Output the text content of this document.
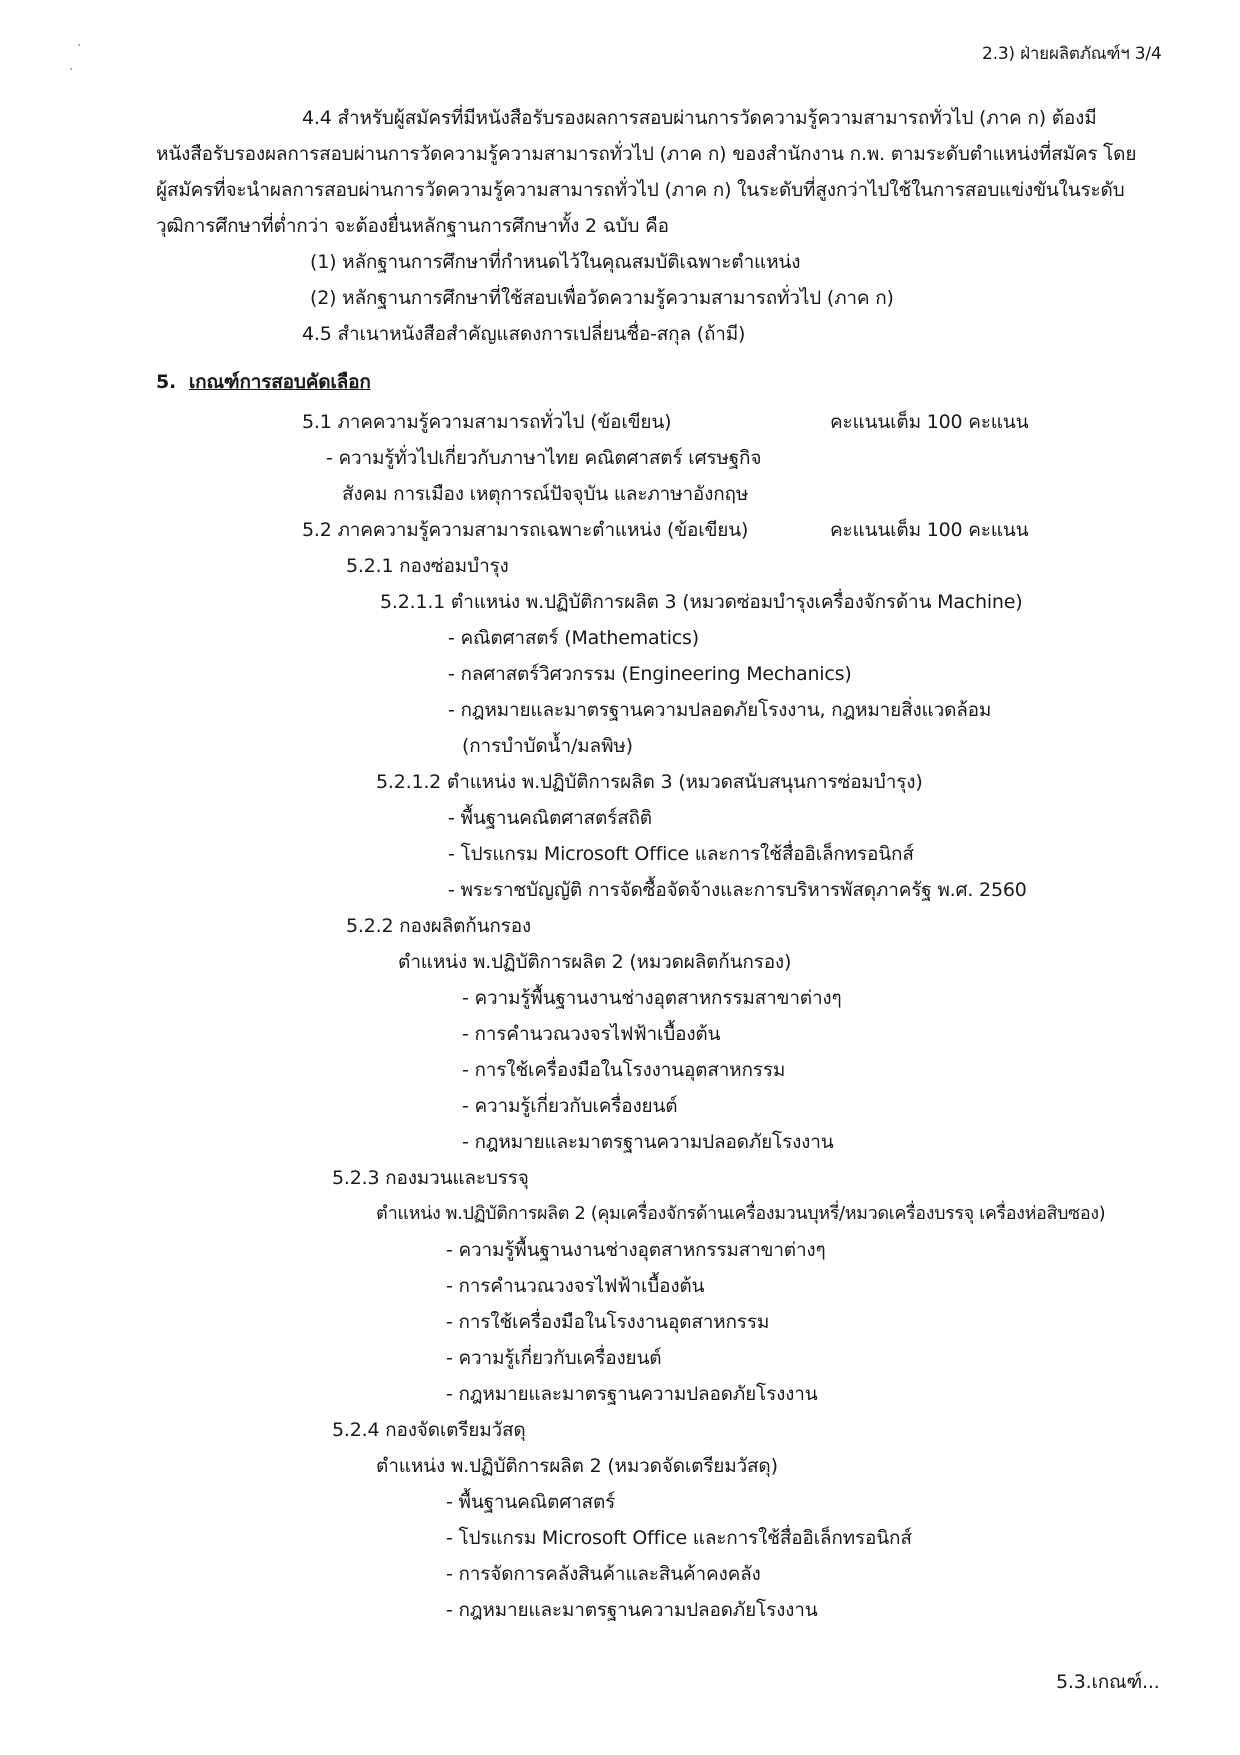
2.3) ฝ่ายผลิตภัณฑ์ฯ 3/4
4.4 สำหรับผู้สมัครที่มีหนังสือรับรองผลการสอบผ่านการวัดความรู้ความสามารถทั่วไป (ภาค ก) ต้องมี
หนังสือรับรองผลการสอบผ่านการวัดความรู้ความสามารถทั่วไป (ภาค ก) ของสำนักงาน ก.พ. ตามระดับตำแหน่งที่สมัคร โดย
ผู้สมัครที่จะนำผลการสอบผ่านการวัดความรู้ความสามารถทั่วไป (ภาค ก) ในระดับที่สูงกว่าไปใช้ในการสอบแข่งขันในระดับ
วุฒิการศึกษาที่ต่ำกว่า จะต้องยื่นหลักฐานการศึกษาทั้ง 2 ฉบับ คือ
(1) หลักฐานการศึกษาที่กำหนดไว้ในคุณสมบัติเฉพาะตำแหน่ง
(2) หลักฐานการศึกษาที่ใช้สอบเพื่อวัดความรู้ความสามารถทั่วไป (ภาค ก)
4.5 สำเนาหนังสือสำคัญแสดงการเปลี่ยนชื่อ-สกุล (ถ้ามี)
5. เกณฑ์การสอบคัดเลือก
5.1 ภาคความรู้ความสามารถทั่วไป (ข้อเขียน)	คะแนนเต็ม 100 คะแนน
- ความรู้ทั่วไปเกี่ยวกับภาษาไทย คณิตศาสตร์ เศรษฐกิจ
สังคม การเมือง เหตุการณ์ปัจจุบัน และภาษาอังกฤษ
5.2 ภาคความรู้ความสามารถเฉพาะตำแหน่ง (ข้อเขียน)	คะแนนเต็ม 100 คะแนน
5.2.1 กองซ่อมบำรุง
5.2.1.1 ตำแหน่ง พ.ปฏิบัติการผลิต 3 (หมวดซ่อมบำรุงเครื่องจักรด้าน Machine)
- คณิตศาสตร์ (Mathematics)
- กลศาสตร์วิศวกรรม (Engineering Mechanics)
- กฎหมายและมาตรฐานความปลอดภัยโรงงาน, กฎหมายสิ่งแวดล้อม
(การบำบัดน้ำ/มลพิษ)
5.2.1.2 ตำแหน่ง พ.ปฏิบัติการผลิต 3 (หมวดสนับสนุนการซ่อมบำรุง)
- พื้นฐานคณิตศาสตร์สถิติ
- โปรแกรม Microsoft Office และการใช้สื่ออิเล็กทรอนิกส์
- พระราชบัญญัติ การจัดซื้อจัดจ้างและการบริหารพัสดุภาครัฐ พ.ศ. 2560
5.2.2 กองผลิตก้นกรอง
ตำแหน่ง พ.ปฏิบัติการผลิต 2 (หมวดผลิตก้นกรอง)
- ความรู้พื้นฐานงานช่างอุตสาหกรรมสาขาต่างๆ
- การคำนวณวงจรไฟฟ้าเบื้องต้น
- การใช้เครื่องมือในโรงงานอุตสาหกรรม
- ความรู้เกี่ยวกับเครื่องยนต์
- กฎหมายและมาตรฐานความปลอดภัยโรงงาน
5.2.3 กองมวนและบรรจุ
ตำแหน่ง พ.ปฏิบัติการผลิต 2 (คุมเครื่องจักรด้านเครื่องมวนบุหรี่/หมวดเครื่องบรรจุ เครื่องห่อสิบซอง)
- ความรู้พื้นฐานงานช่างอุตสาหกรรมสาขาต่างๆ
- การคำนวณวงจรไฟฟ้าเบื้องต้น
- การใช้เครื่องมือในโรงงานอุตสาหกรรม
- ความรู้เกี่ยวกับเครื่องยนต์
- กฎหมายและมาตรฐานความปลอดภัยโรงงาน
5.2.4 กองจัดเตรียมวัสดุ
ตำแหน่ง พ.ปฏิบัติการผลิต 2 (หมวดจัดเตรียมวัสดุ)
- พื้นฐานคณิตศาสตร์
- โปรแกรม Microsoft Office และการใช้สื่ออิเล็กทรอนิกส์
- การจัดการคลังสินค้าและสินค้าคงคลัง
- กฎหมายและมาตรฐานความปลอดภัยโรงงาน
5.3.เกณฑ์...
